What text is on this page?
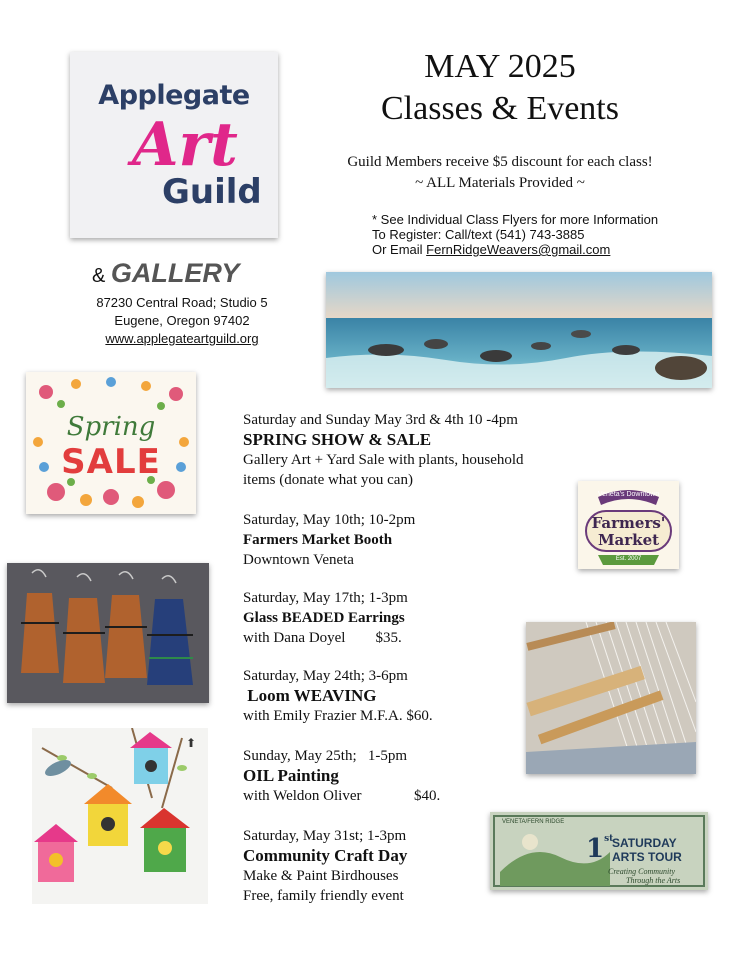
Applegate
Art
Guild
& GALLERY
87230 Central Road; Studio 5
Eugene, Oregon 97402
www.applegateartguild.org
MAY 2025
Classes & Events
Guild Members receive $5 discount for each class!
~ ALL Materials Provided ~
* See Individual Class Flyers for more Information
To Register: Call/text (541) 743-3885
Or Email FernRidgeWeavers@gmail.com
Spring
SALE
Veneta's Downtown
Farmers'
Market
Est. 2007
⬆
VENETA/FERN RIDGE
1st
SATURDAY
ARTS TOUR
Creating Community
Through the Arts
Saturday and Sunday May 3rd & 4th 10 -4pm
SPRING SHOW & SALE
Gallery Art + Yard Sale with plants, household
items (donate what you can)
Saturday, May 10th; 10-2pm
Farmers Market Booth
Downtown Veneta
Saturday, May 17th; 1-3pm
Glass BEADED Earrings
with Dana Doyel        $35.
Saturday, May 24th; 3-6pm
Loom WEAVING
with Emily Frazier M.F.A. $60.
Sunday, May 25th;   1-5pm
OIL Painting
with Weldon Oliver              $40.
Saturday, May 31st; 1-3pm
Community Craft Day
Make & Paint Birdhouses
Free, family friendly event
